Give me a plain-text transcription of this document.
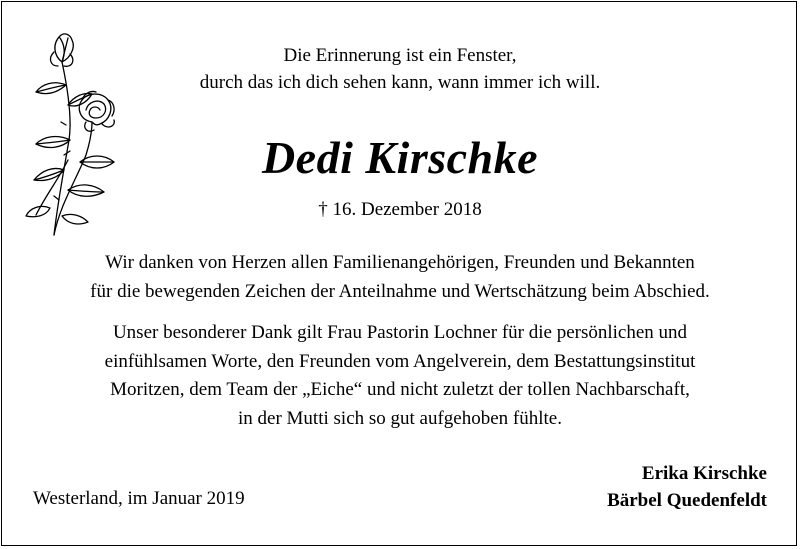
Die Erinnerung ist ein Fenster,
durch das ich dich sehen kann, wann immer ich will.
Dedi Kirschke
† 16. Dezember 2018
Wir danken von Herzen allen Familienangehörigen, Freunden und Bekannten
für die bewegenden Zeichen der Anteilnahme und Wertschätzung beim Abschied.
Unser besonderer Dank gilt Frau Pastorin Lochner für die persönlichen und
einfühlsamen Worte, den Freunden vom Angelverein, dem Bestattungsinstitut
Moritzen, dem Team der „Eiche“ und nicht zuletzt der tollen Nachbarschaft,
in der Mutti sich so gut aufgehoben fühlte.
Westerland, im Januar 2019
Erika Kirschke
Bärbel Quedenfeldt
